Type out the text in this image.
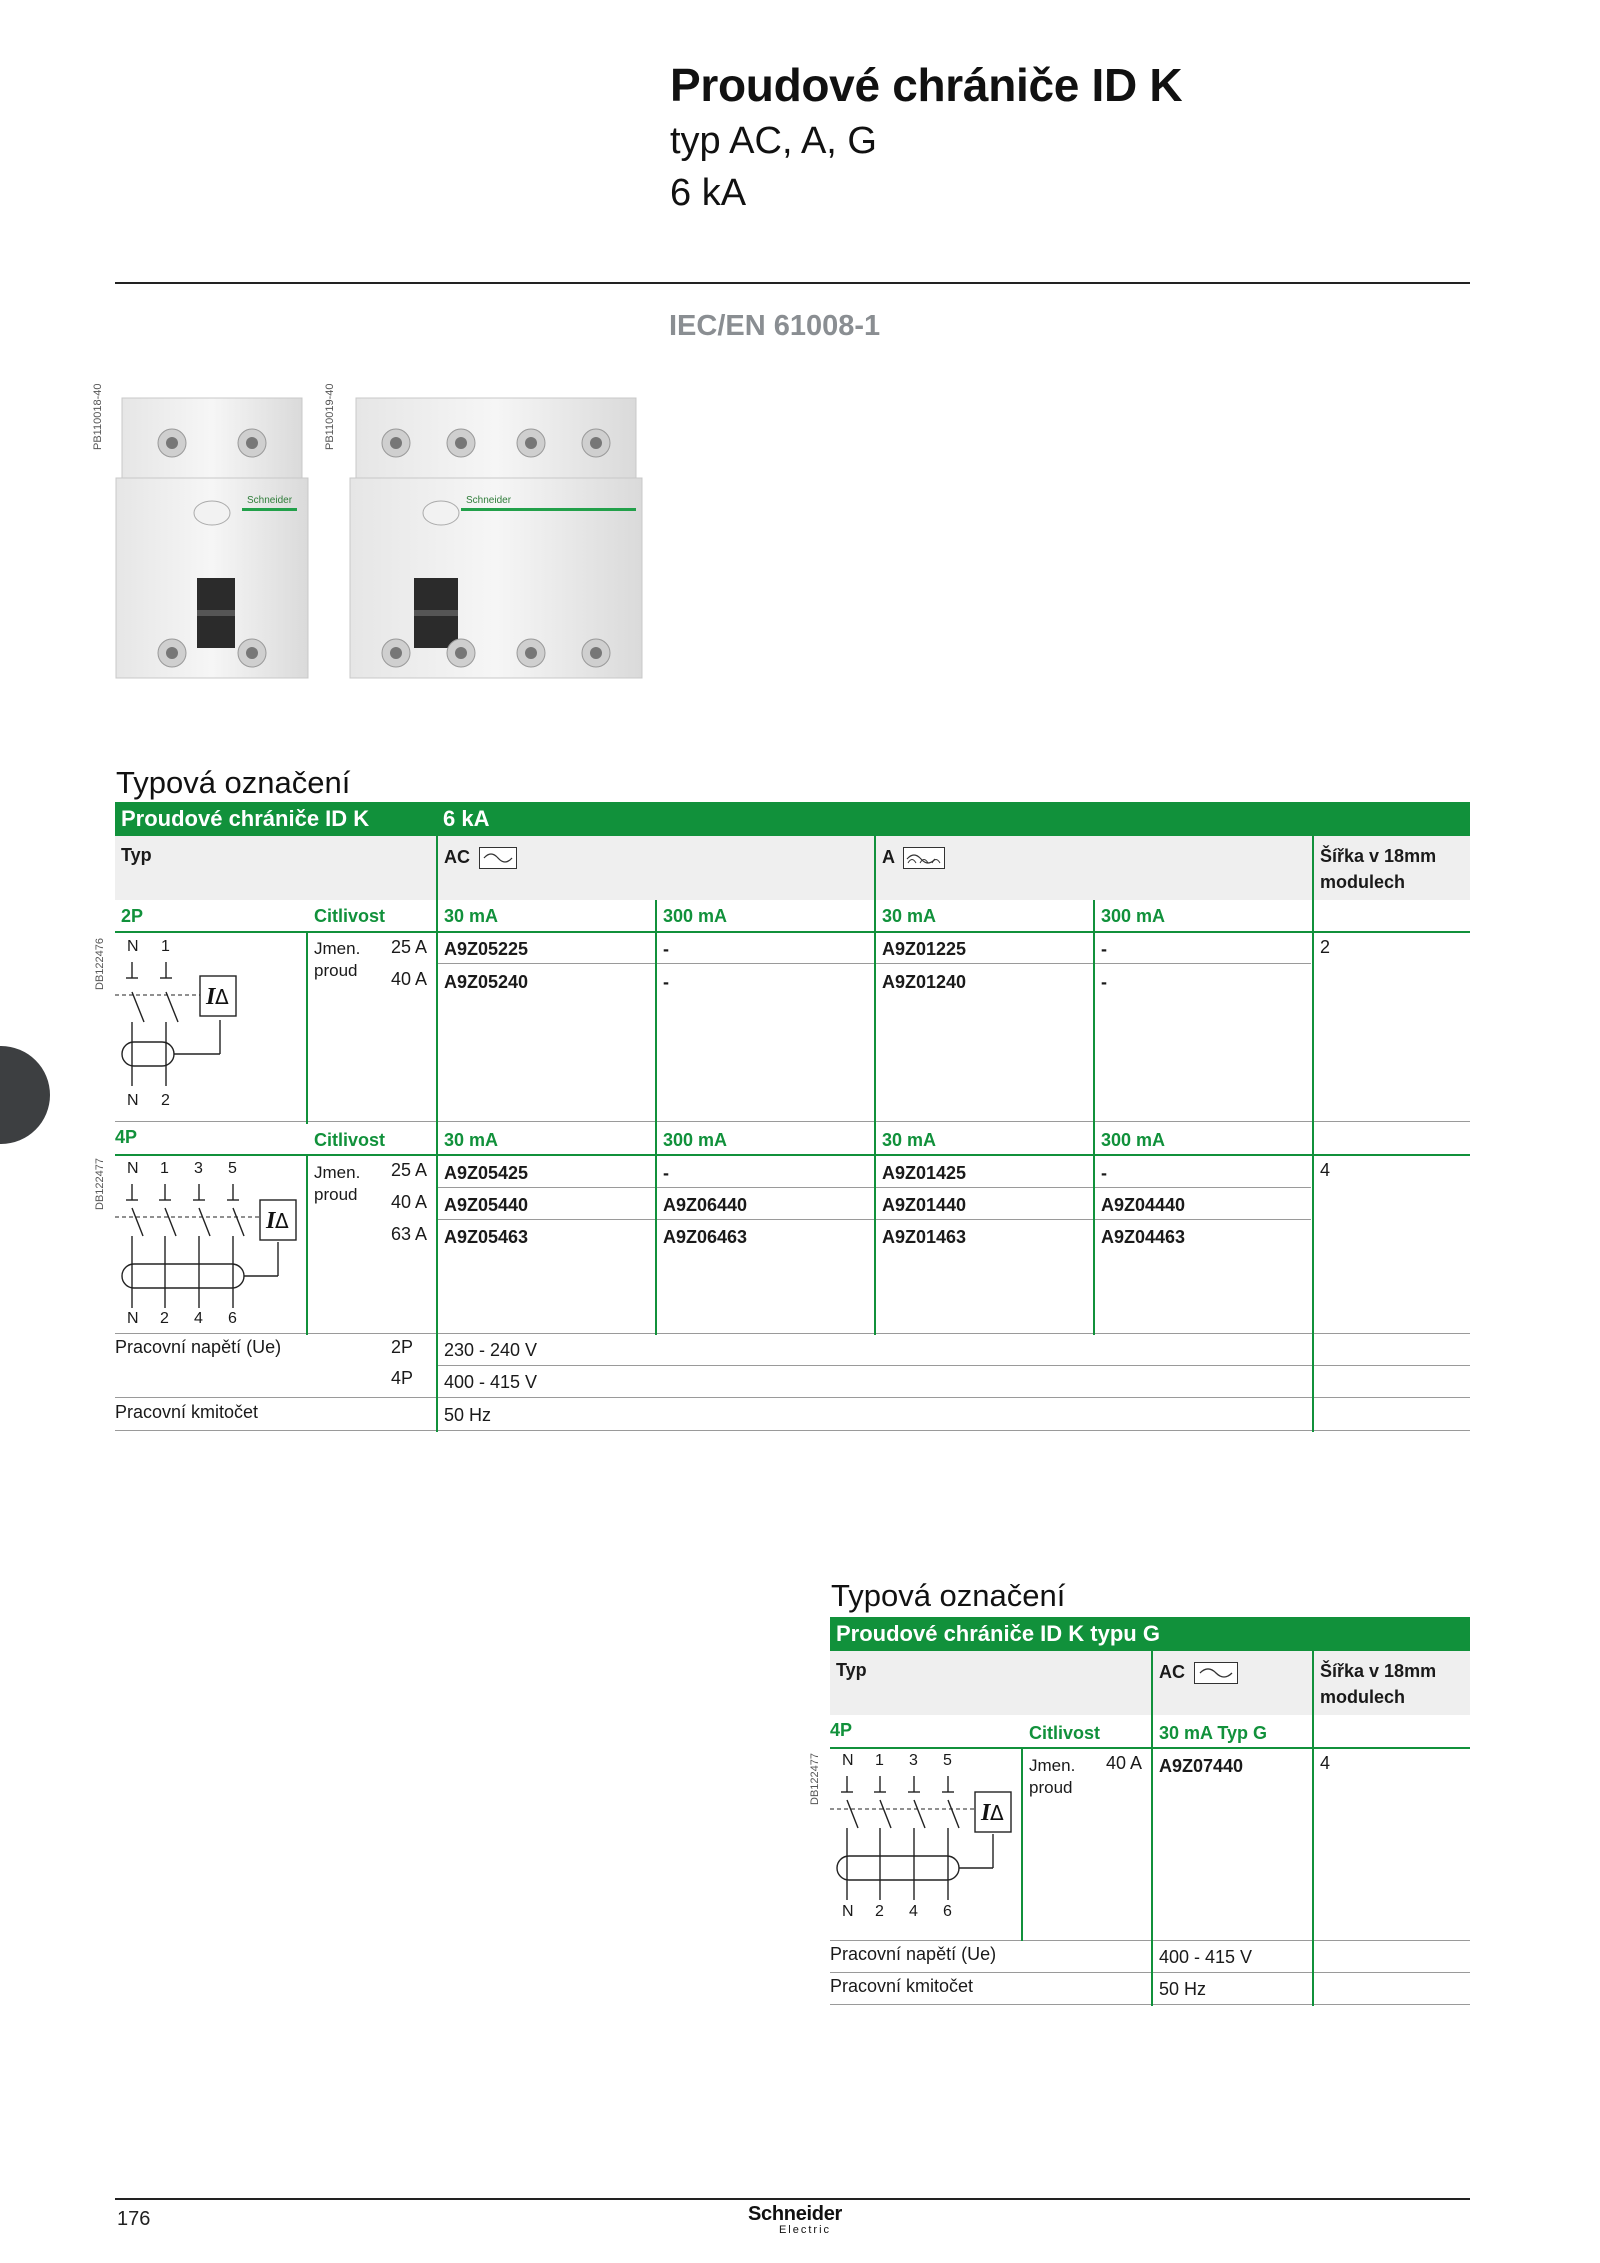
Proudové chrániče ID K
typ AC, A, G
6 kA
IEC/EN 61008-1
PB110018-40	PB110019-40
Schneider	Schneider
Typová označení
Proudové chrániče ID K	6 kA
Typ	AC	A	Šířka v 18mm
modulech
2P	Citlivost	30 mA	300 mA	30 mA	300 mA
DB122476 N 1
N 2
I Δ
Jmen.
proud
25 A A9Z05225	-	A9Z01225	-	2
40 A A9Z05240	-	A9Z01240	-
4P	Citlivost	30 mA	300 mA	30 mA	300 mA
DB122477 N 1 3 5
N 2 4 6
I Δ
Jmen.
proud
25 A A9Z05425	-	A9Z01425	-	4
40 A A9Z05440	A9Z06440	A9Z01440	A9Z04440
63 A A9Z05463	A9Z06463	A9Z01463	A9Z04463
Pracovní napětí (Ue)	2P 230 - 240 V
4P 400 - 415 V
Pracovní kmitočet	50 Hz
Typová označení
Proudové chrániče ID K typu G
Typ	AC	Šířka v 18mm
modulech
4P	Citlivost	30 mA Typ G
DB122477 N 1 3 5
N 2 4 6
I Δ
Jmen.
proud
40 A A9Z07440	4
Pracovní napětí (Ue)	400 - 415 V
Pracovní kmitočet	50 Hz
176	Schneider
Electric
